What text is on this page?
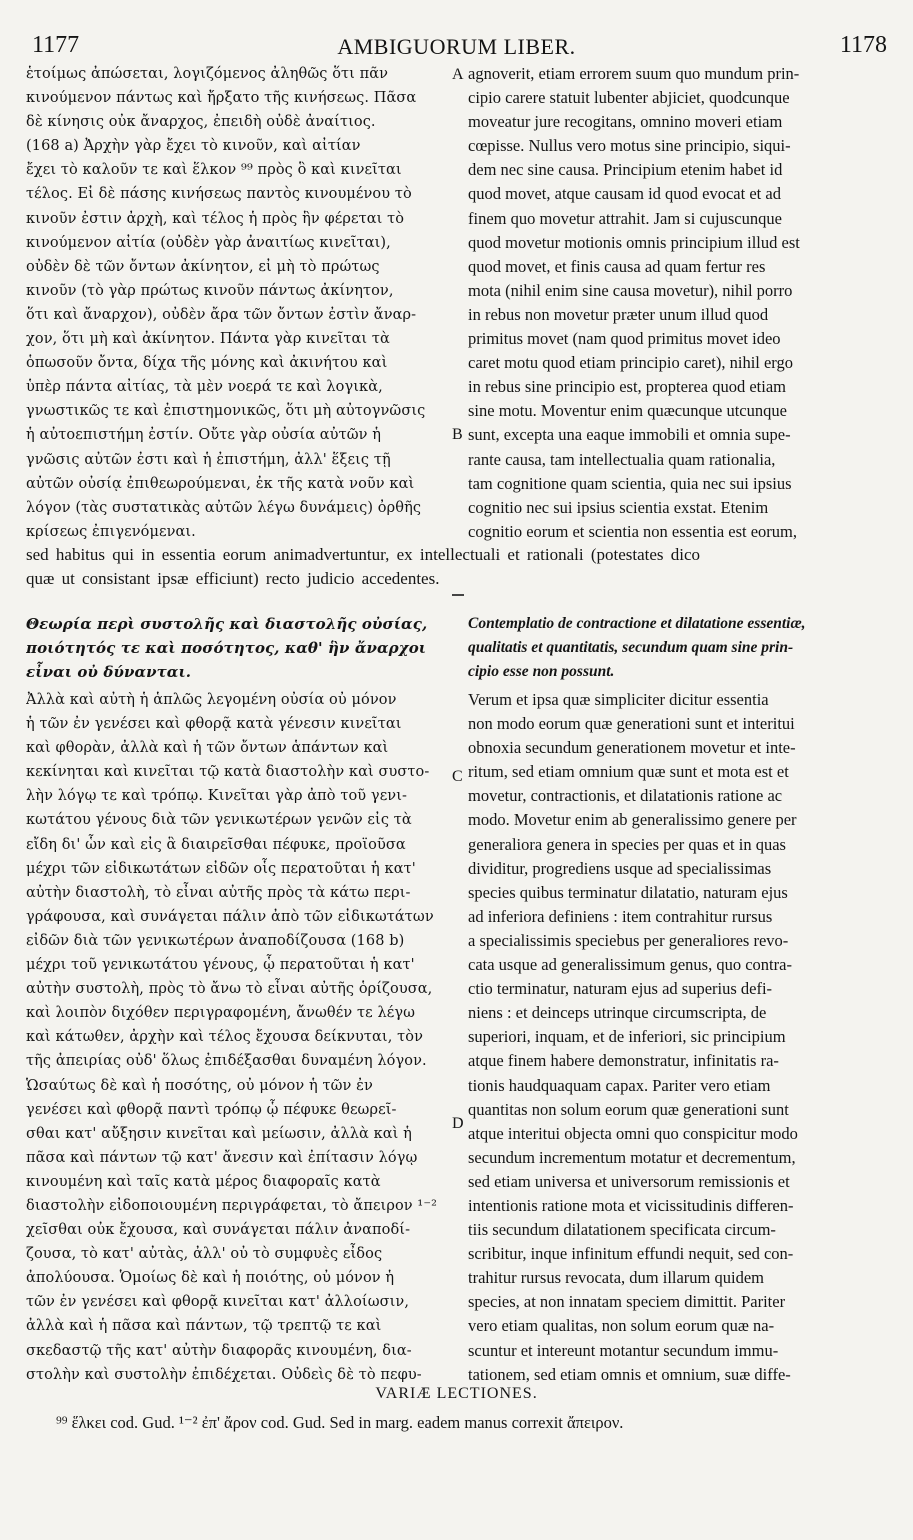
1177	AMBIGUORUM LIBER.	1178
A
B
C
D
ἑτοίμως ἀπώσεται, λογιζόμενος ἀληθῶς ὅτι πᾶν
κινούμενον πάντως καὶ ἤρξατο τῆς κινήσεως. Πᾶσα
δὲ κίνησις οὐκ ἄναρχος, ἐπειδὴ οὐδὲ ἀναίτιος.
(168 a) Ἀρχὴν γὰρ ἔχει τὸ κινοῦν, καὶ αἰτίαν
ἔχει τὸ καλοῦν τε καὶ ἕλκον ⁹⁹ πρὸς ὃ καὶ κινεῖται
τέλος. Εἰ δὲ πάσης κινήσεως παντὸς κινουμένου τὸ
κινοῦν ἐστιν ἀρχὴ, καὶ τέλος ἡ πρὸς ἣν φέρεται τὸ
κινούμενον αἰτία (οὐδὲν γὰρ ἀναιτίως κινεῖται),
οὐδὲν δὲ τῶν ὄντων ἀκίνητον, εἰ μὴ τὸ πρώτως
κινοῦν (τὸ γὰρ πρώτως κινοῦν πάντως ἀκίνητον,
ὅτι καὶ ἄναρχον), οὐδὲν ἄρα τῶν ὄντων ἐστὶν ἄναρ-
χον, ὅτι μὴ καὶ ἀκίνητον. Πάντα γὰρ κινεῖται τὰ
ὁπωσοῦν ὄντα, δίχα τῆς μόνης καὶ ἀκινήτου καὶ
ὑπὲρ πάντα αἰτίας, τὰ μὲν νοερά τε καὶ λογικὰ,
γνωστικῶς τε καὶ ἐπιστημονικῶς, ὅτι μὴ αὐτογνῶσις
ἡ αὐτοεπιστήμη ἐστίν. Οὔτε γὰρ οὐσία αὐτῶν ἡ
γνῶσις αὐτῶν ἐστι καὶ ἡ ἐπιστήμη, ἀλλ' ἕξεις τῇ
αὐτῶν οὐσίᾳ ἐπιθεωρούμεναι, ἐκ τῆς κατὰ νοῦν καὶ
λόγον (τὰς συστατικὰς αὐτῶν λέγω δυνάμεις) ὀρθῆς
κρίσεως ἐπιγενόμεναι.
agnoverit, etiam errorem suum quo mundum prin-
cipio carere statuit lubenter abjiciet, quodcunque
moveatur jure recogitans, omnino moveri etiam
cœpisse. Nullus vero motus sine principio, siqui-
dem nec sine causa. Principium etenim habet id
quod movet, atque causam id quod evocat et ad
finem quo movetur attrahit. Jam si cujuscunque
quod movetur motionis omnis principium illud est
quod movet, et finis causa ad quam fertur res
mota (nihil enim sine causa movetur), nihil porro
in rebus non movetur præter unum illud quod
primitus movet (nam quod primitus movet ideo
caret motu quod etiam principio caret), nihil ergo
in rebus sine principio est, propterea quod etiam
sine motu. Moventur enim quæcunque utcunque
sunt, excepta una eaque immobili et omnia supe-
rante causa, tam intellectualia quam rationalia,
tam cognitione quam scientia, quia nec sui ipsius
cognitio nec sui ipsius scientia exstat. Etenim
cognitio eorum et scientia non essentia est eorum,
sed habitus qui in essentia eorum animadvertuntur, ex intellectuali et rationali (potestates dico
quæ ut consistant ipsæ efficiunt) recto judicio accedentes.
Θεωρία περὶ συστολῆς καὶ διαστολῆς οὐσίας,
ποιότητός τε καὶ ποσότητος, καθ' ἣν ἄναρχοι
εἶναι οὐ δύνανται.
Contemplatio de contractione et dilatatione essentiæ,
qualitatis et quantitatis, secundum quam sine prin-
cipio esse non possunt.
Ἀλλὰ καὶ αὐτὴ ἡ ἁπλῶς λεγομένη οὐσία οὐ μόνον
ἡ τῶν ἐν γενέσει καὶ φθορᾷ κατὰ γένεσιν κινεῖται
καὶ φθορὰν, ἀλλὰ καὶ ἡ τῶν ὄντων ἁπάντων καὶ
κεκίνηται καὶ κινεῖται τῷ κατὰ διαστολὴν καὶ συστο-
λὴν λόγῳ τε καὶ τρόπῳ. Κινεῖται γὰρ ἀπὸ τοῦ γενι-
κωτάτου γένους διὰ τῶν γενικωτέρων γενῶν εἰς τὰ
εἴδη δι' ὧν καὶ εἰς ἃ διαιρεῖσθαι πέφυκε, προϊοῦσα
μέχρι τῶν εἰδικωτάτων εἰδῶν οἷς περατοῦται ἡ κατ'
αὐτὴν διαστολὴ, τὸ εἶναι αὐτῆς πρὸς τὰ κάτω περι-
γράφουσα, καὶ συνάγεται πάλιν ἀπὸ τῶν εἰδικωτάτων
εἰδῶν διὰ τῶν γενικωτέρων ἀναποδίζουσα (168 b)
μέχρι τοῦ γενικωτάτου γένους, ᾧ περατοῦται ἡ κατ'
αὐτὴν συστολὴ, πρὸς τὸ ἄνω τὸ εἶναι αὐτῆς ὁρίζουσα,
καὶ λοιπὸν διχόθεν περιγραφομένη, ἄνωθέν τε λέγω
καὶ κάτωθεν, ἀρχὴν καὶ τέλος ἔχουσα δείκνυται, τὸν
τῆς ἀπειρίας οὐδ' ὅλως ἐπιδέξασθαι δυναμένη λόγον.
Ὡσαύτως δὲ καὶ ἡ ποσότης, οὐ μόνον ἡ τῶν ἐν
γενέσει καὶ φθορᾷ παντὶ τρόπῳ ᾧ πέφυκε θεωρεῖ-
σθαι κατ' αὔξησιν κινεῖται καὶ μείωσιν, ἀλλὰ καὶ ἡ
πᾶσα καὶ πάντων τῷ κατ' ἄνεσιν καὶ ἐπίτασιν λόγῳ
κινουμένη καὶ ταῖς κατὰ μέρος διαφοραῖς κατὰ
διαστολὴν εἰδοποιουμένη περιγράφεται, τὸ ἄπειρον ¹⁻²
χεῖσθαι οὐκ ἔχουσα, καὶ συνάγεται πάλιν ἀναποδί-
ζουσα, τὸ κατ' αὐτὰς, ἀλλ' οὐ τὸ συμφυὲς εἶδος
ἀπολύουσα. Ὁμοίως δὲ καὶ ἡ ποιότης, οὐ μόνον ἡ
τῶν ἐν γενέσει καὶ φθορᾷ κινεῖται κατ' ἀλλοίωσιν,
ἀλλὰ καὶ ἡ πᾶσα καὶ πάντων, τῷ τρεπτῷ τε καὶ
σκεδαστῷ τῆς κατ' αὐτὴν διαφορᾶς κινουμένη, δια-
στολὴν καὶ συστολὴν ἐπιδέχεται. Οὐδεὶς δὲ τὸ πεφυ-
Verum et ipsa quæ simpliciter dicitur essentia
non modo eorum quæ generationi sunt et interitui
obnoxia secundum generationem movetur et inte-
ritum, sed etiam omnium quæ sunt et mota est et
movetur, contractionis, et dilatationis ratione ac
modo. Movetur enim ab generalissimo genere per
generaliora genera in species per quas et in quas
dividitur, progrediens usque ad specialissimas
species quibus terminatur dilatatio, naturam ejus
ad inferiora definiens : item contrahitur rursus
a specialissimis speciebus per generaliores revo-
cata usque ad generalissimum genus, quo contra-
ctio terminatur, naturam ejus ad superius defi-
niens : et deinceps utrinque circumscripta, de
superiori, inquam, et de inferiori, sic principium
atque finem habere demonstratur, infinitatis ra-
tionis haudquaquam capax. Pariter vero etiam
quantitas non solum eorum quæ generationi sunt
atque interitui objecta omni quo conspicitur modo
secundum incrementum motatur et decrementum,
sed etiam universa et universorum remissionis et
intentionis ratione mota et vicissitudinis differen-
tiis secundum dilatationem specificata circum-
scribitur, inque infinitum effundi nequit, sed con-
trahitur rursus revocata, dum illarum quidem
species, at non innatam speciem dimittit. Pariter
vero etiam qualitas, non solum eorum quæ na-
scuntur et intereunt motantur secundum immu-
tationem, sed etiam omnis et omnium, suæ diffe-
VARIÆ LECTIONES.
⁹⁹ ἕλκει cod. Gud. ¹⁻² ἐπ' ἄρον cod. Gud. Sed in marg. eadem manus correxit ἄπειρον.
